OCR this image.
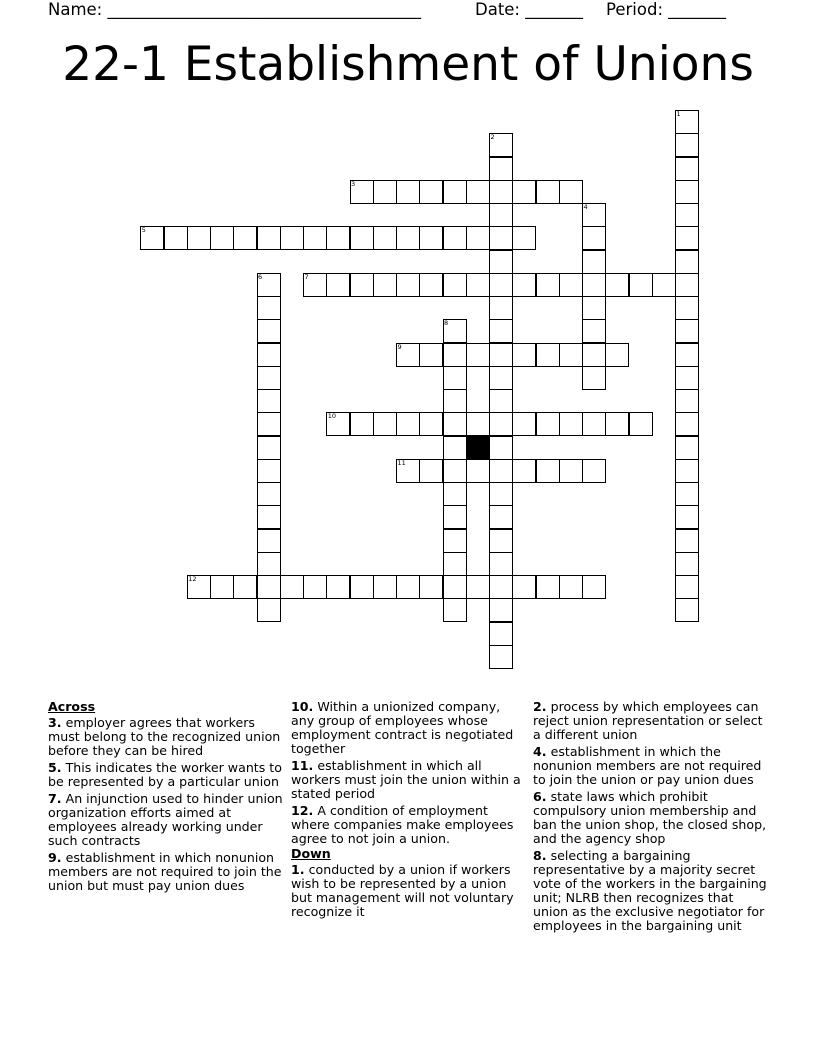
Name: ______________________________________	Date: _______ Period: _______
22-1 Establishment of Unions
1
2
3
4
5
6	7
8
9
10
11
12
Across
3. employer agrees that workers must belong to the recognized union before they can be hired
5. This indicates the worker wants to be represented by a particular union
7. An injunction used to hinder union organization efforts aimed at employees already working under such contracts
9. establishment in which nonunion members are not required to join the union but must pay union dues
10. Within a unionized company, any group of employees whose employment contract is negotiated together
11. establishment in which all workers must join the union within a stated period
12. A condition of employment where companies make employees agree to not join a union.
Down
1. conducted by a union if workers wish to be represented by a union but management will not voluntary recognize it
2. process by which employees can reject union representation or select a different union
4. establishment in which the nonunion members are not required to join the union or pay union dues
6. state laws which prohibit compulsory union membership and ban the union shop, the closed shop, and the agency shop
8. selecting a bargaining representative by a majority secret vote of the workers in the bargaining unit; NLRB then recognizes that union as the exclusive negotiator for employees in the bargaining unit
